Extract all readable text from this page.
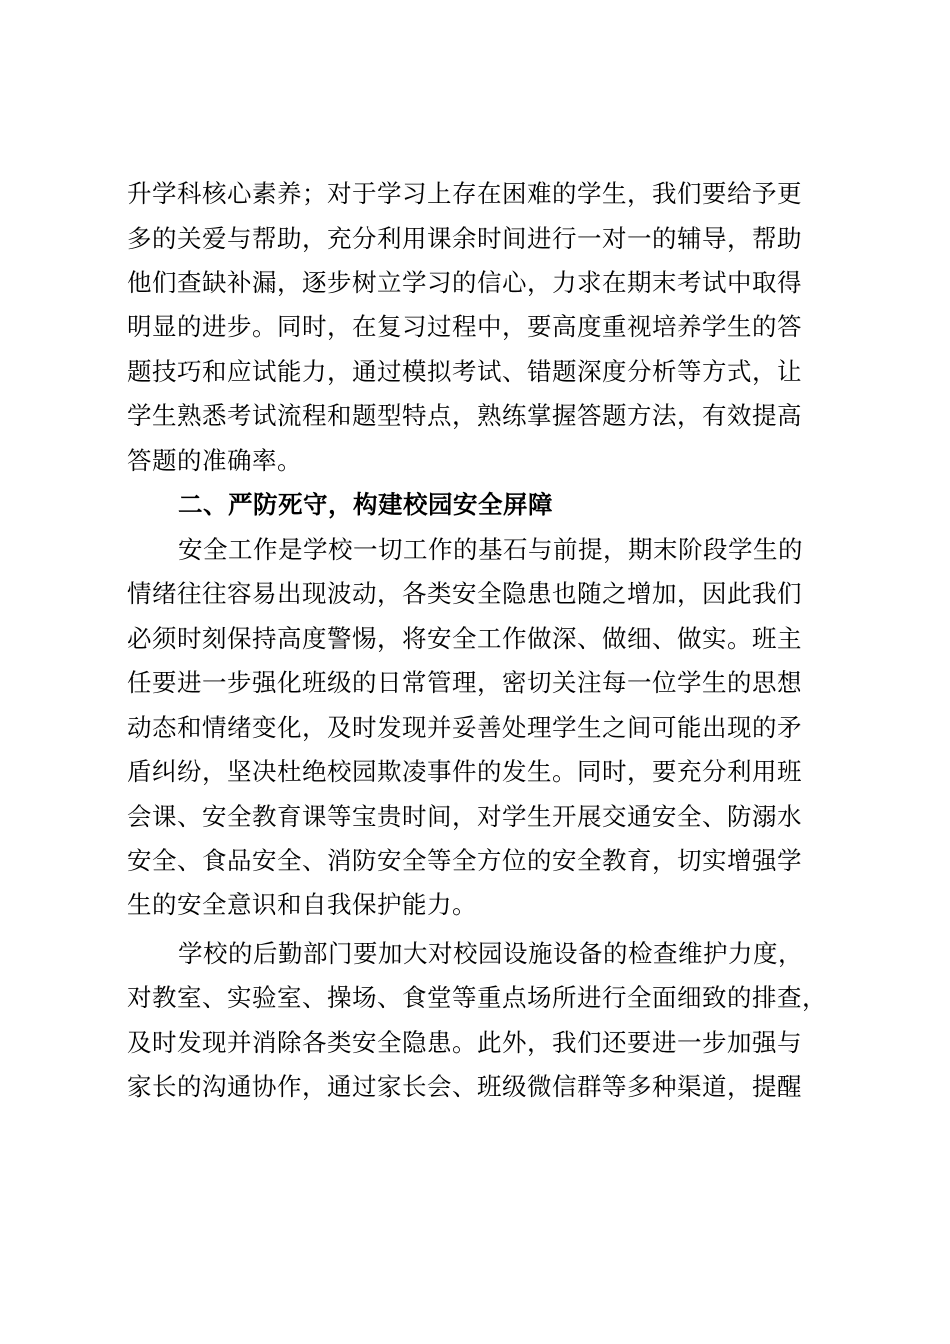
升学科核心素养；对于学习上存在困难的学生，我们要给予更
多的关爱与帮助，充分利用课余时间进行一对一的辅导，帮助
他们查缺补漏，逐步树立学习的信心，力求在期末考试中取得
明显的进步。同时，在复习过程中，要高度重视培养学生的答
题技巧和应试能力，通过模拟考试、错题深度分析等方式，让
学生熟悉考试流程和题型特点，熟练掌握答题方法，有效提高
答题的准确率。
二、严防死守，构建校园安全屏障
安全工作是学校一切工作的基石与前提，期末阶段学生的
情绪往往容易出现波动，各类安全隐患也随之增加，因此我们
必须时刻保持高度警惕，将安全工作做深、做细、做实。班主
任要进一步强化班级的日常管理，密切关注每一位学生的思想
动态和情绪变化，及时发现并妥善处理学生之间可能出现的矛
盾纠纷，坚决杜绝校园欺凌事件的发生。同时，要充分利用班
会课、安全教育课等宝贵时间，对学生开展交通安全、防溺水
安全、食品安全、消防安全等全方位的安全教育，切实增强学
生的安全意识和自我保护能力。
学校的后勤部门要加大对校园设施设备的检查维护力度，
对教室、实验室、操场、食堂等重点场所进行全面细致的排查，
及时发现并消除各类安全隐患。此外，我们还要进一步加强与
家长的沟通协作，通过家长会、班级微信群等多种渠道，提醒
